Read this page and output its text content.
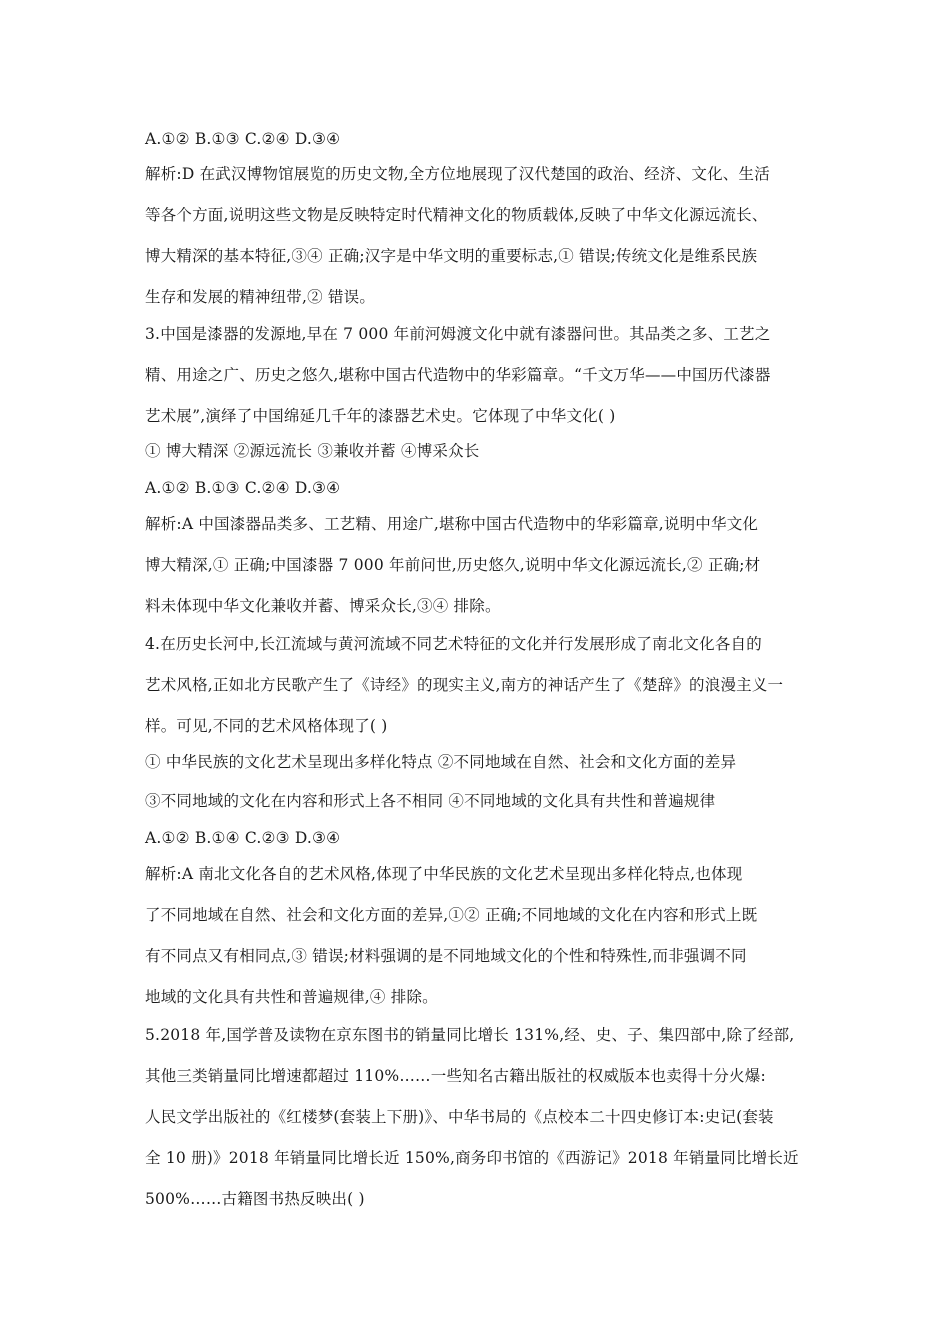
A.①② B.①③ C.②④ D.③④
解析:D 在武汉博物馆展览的历史文物,全方位地展现了汉代楚国的政治、经济、文化、生活
等各个方面,说明这些文物是反映特定时代精神文化的物质载体,反映了中华文化源远流长、
博大精深的基本特征,③④ 正确;汉字是中华文明的重要标志,① 错误;传统文化是维系民族
生存和发展的精神纽带,② 错误。
3.中国是漆器的发源地,早在 7 000 年前河姆渡文化中就有漆器问世。其品类之多、工艺之
精、用途之广、历史之悠久,堪称中国古代造物中的华彩篇章。“千文万华——中国历代漆器
艺术展”,演绎了中国绵延几千年的漆器艺术史。它体现了中华文化( )
① 博大精深 ②源远流长 ③兼收并蓄 ④博采众长
A.①② B.①③ C.②④ D.③④
解析:A 中国漆器品类多、工艺精、用途广,堪称中国古代造物中的华彩篇章,说明中华文化
博大精深,① 正确;中国漆器 7 000 年前问世,历史悠久,说明中华文化源远流长,② 正确;材
料未体现中华文化兼收并蓄、博采众长,③④ 排除。
4.在历史长河中,长江流域与黄河流域不同艺术特征的文化并行发展形成了南北文化各自的
艺术风格,正如北方民歌产生了《诗经》的现实主义,南方的神话产生了《楚辞》的浪漫主义一
样。可见,不同的艺术风格体现了( )
① 中华民族的文化艺术呈现出多样化特点 ②不同地域在自然、社会和文化方面的差异
③不同地域的文化在内容和形式上各不相同 ④不同地域的文化具有共性和普遍规律
A.①② B.①④ C.②③ D.③④
解析:A 南北文化各自的艺术风格,体现了中华民族的文化艺术呈现出多样化特点,也体现
了不同地域在自然、社会和文化方面的差异,①② 正确;不同地域的文化在内容和形式上既
有不同点又有相同点,③ 错误;材料强调的是不同地域文化的个性和特殊性,而非强调不同
地域的文化具有共性和普遍规律,④ 排除。
5.2018 年,国学普及读物在京东图书的销量同比增长 131%,经、史、子、集四部中,除了经部,
其他三类销量同比增速都超过 110%……一些知名古籍出版社的权威版本也卖得十分火爆:
人民文学出版社的《红楼梦(套装上下册)》、中华书局的《点校本二十四史修订本:史记(套装
全 10 册)》2018 年销量同比增长近 150%,商务印书馆的《西游记》2018 年销量同比增长近
500%……古籍图书热反映出( )
